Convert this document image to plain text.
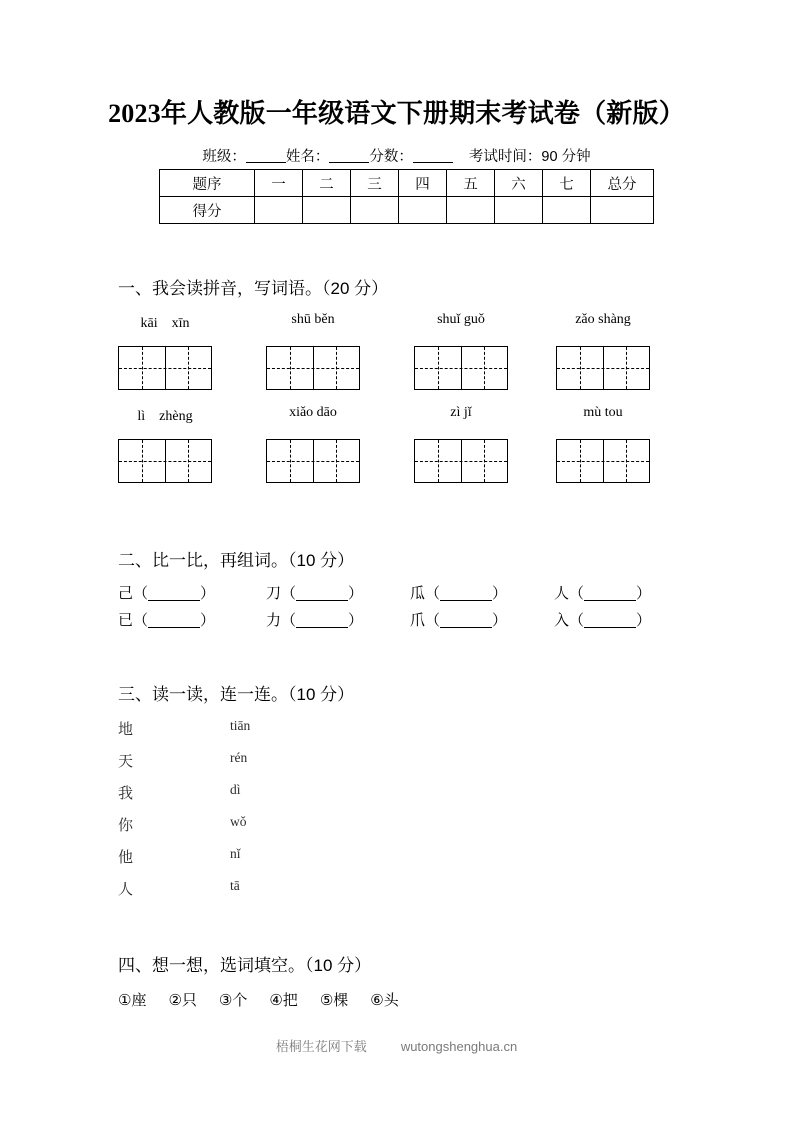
2023年人教版一年级语文下册期末考试卷（新版）
班级：	姓名：	分数：	考试时间：90 分钟
题序	一	二	三	四	五	六	七	总分
得分								
一、我会读拼音，写词语。（20 分）
kāi　xīn	shū běn	shuǐ guǒ	zǎo shàng
lì　zhèng	xiǎo dāo	zì jǐ	mù tou
二、比一比，再组词。（10 分）
己（	）	刀（	）	瓜（	）	人（	）
已（	）	力（	）	爪（	）	入（	）
三、读一读，连一连。（10 分）
地	tiān
天	rén
我	dì
你	wǒ
他	nǐ
人	tā
四、想一想，选词填空。（10 分）
①座 ②只 ③个 ④把 ⑤棵 ⑥头
梧桐生花网下载	wutongshenghua.cn
